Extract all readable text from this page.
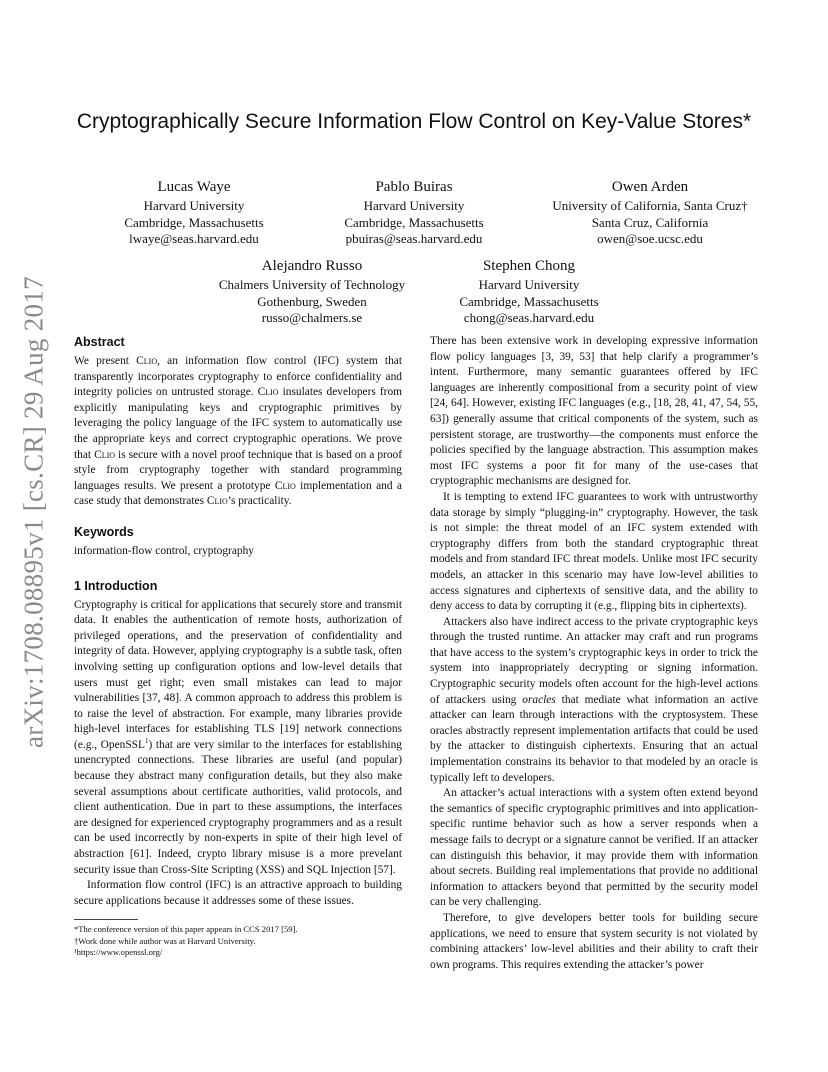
arXiv:1708.08895v1 [cs.CR] 29 Aug 2017
Cryptographically Secure Information Flow Control on Key-Value Stores*
Lucas Waye
Harvard University
Cambridge, Massachusetts
lwaye@seas.harvard.edu
Pablo Buiras
Harvard University
Cambridge, Massachusetts
pbuiras@seas.harvard.edu
Owen Arden
University of California, Santa Cruz†
Santa Cruz, California
owen@soe.ucsc.edu
Alejandro Russo
Chalmers University of Technology
Gothenburg, Sweden
russo@chalmers.se
Stephen Chong
Harvard University
Cambridge, Massachusetts
chong@seas.harvard.edu
Abstract

We present Clio, an information flow control (IFC) system that transparently incorporates cryptography to enforce confidentiality and integrity policies on untrusted storage. Clio insulates developers from explicitly manipulating keys and cryptographic primitives by leveraging the policy language of the IFC system to automatically use the appropriate keys and correct cryptographic operations. We prove that Clio is secure with a novel proof technique that is based on a proof style from cryptography together with standard programming languages results. We present a prototype Clio implementation and a case study that demonstrates Clio’s practicality.

Keywords

information-flow control, cryptography

1 Introduction

Cryptography is critical for applications that securely store and transmit data. It enables the authentication of remote hosts, authorization of privileged operations, and the preservation of confidentiality and integrity of data. However, applying cryptography is a subtle task, often involving setting up configuration options and low-level details that users must get right; even small mistakes can lead to major vulnerabilities [37, 48]. A common approach to address this problem is to raise the level of abstraction. For example, many libraries provide high-level interfaces for establishing TLS [19] network connections (e.g., OpenSSL$^1$) that are very similar to the interfaces for establishing unencrypted connections. These libraries are useful (and popular) because they abstract many configuration details, but they also make several assumptions about certificate authorities, valid protocols, and client authentication. Due in part to these assumptions, the interfaces are designed for experienced cryptography programmers and as a result can be used incorrectly by non-experts in spite of their high level of abstraction [61]. Indeed, crypto library misuse is a more prevelant security issue than Cross-Site Scripting (XSS) and SQL Injection [57].

Information flow control (IFC) is an attractive approach to building secure applications because it addresses some of these issues.

There has been extensive work in developing expressive information flow policy languages [3, 39, 53] that help clarify a programmer’s intent. Furthermore, many semantic guarantees offered by IFC languages are inherently compositional from a security point of view [24, 64]. However, existing IFC languages (e.g., [18, 28, 41, 47, 54, 55, 63]) generally assume that critical components of the system, such as persistent storage, are trustworthy—the components must enforce the policies specified by the language abstraction. This assumption makes most IFC systems a poor fit for many of the use-cases that cryptographic mechanisms are designed for.

It is tempting to extend IFC guarantees to work with untrustworthy data storage by simply “plugging-in” cryptography. However, the task is not simple: the threat model of an IFC system extended with cryptography differs from both the standard cryptographic threat models and from standard IFC threat models. Unlike most IFC security models, an attacker in this scenario may have low-level abilities to access signatures and ciphertexts of sensitive data, and the ability to deny access to data by corrupting it (e.g., flipping bits in ciphertexts).

Attackers also have indirect access to the private cryptographic keys through the trusted runtime. An attacker may craft and run programs that have access to the system’s cryptographic keys in order to trick the system into inappropriately decrypting or signing information. Cryptographic security models often account for the high-level actions of attackers using oracles that mediate what information an active attacker can learn through interactions with the cryptosystem. These oracles abstractly represent implementation artifacts that could be used by the attacker to distinguish ciphertexts. Ensuring that an actual implementation constrains its behavior to that modeled by an oracle is typically left to developers.

An attacker’s actual interactions with a system often extend beyond the semantics of specific cryptographic primitives and into application-specific runtime behavior such as how a server responds when a message fails to decrypt or a signature cannot be verified. If an attacker can distinguish this behavior, it may provide them with information about secrets. Building real implementations that provide no additional information to attackers beyond that permitted by the security model can be very challenging.

Therefore, to give developers better tools for building secure applications, we need to ensure that system security is not violated by combining attackers’ low-level abilities and their ability to craft their own programs. This requires extending the attacker’s power

*The conference version of this paper appears in CCS 2017 [59].
†Work done while author was at Harvard University.
¹https://www.openssl.org/
